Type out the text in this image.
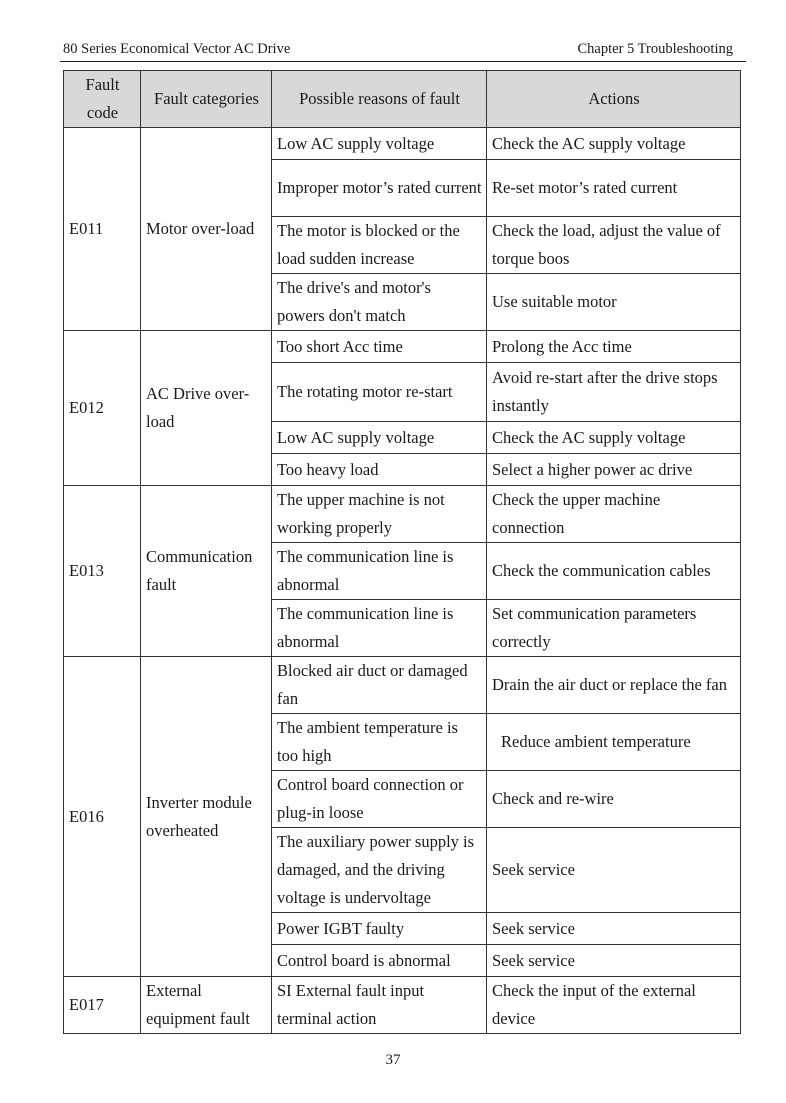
80 Series Economical Vector AC Drive	Chapter 5 Troubleshooting
Fault code	Fault categories	Possible reasons of fault	Actions
E011	Motor over-load	Low AC supply voltage	Check the AC supply voltage
		Improper motor’s rated current	Re-set motor’s rated current
		The motor is blocked or the load sudden increase	Check the load, adjust the value of torque boos
		The drive's and motor's powers don't match	Use suitable motor
E012	AC Drive over-load	Too short Acc time	Prolong the Acc time
		The rotating motor re-start	Avoid re-start after the drive stops instantly
		Low AC supply voltage	Check the AC supply voltage
		Too heavy load	Select a higher power ac drive
E013	Communication fault	The upper machine is not working properly	Check the upper machine connection
		The communication line is abnormal	Check the communication cables
		The communication line is abnormal	Set communication parameters correctly
E016	Inverter module overheated	Blocked air duct or damaged fan	Drain the air duct or replace the fan
		The ambient temperature is too high	Reduce ambient temperature
		Control board connection or plug-in loose	Check and re-wire
		The auxiliary power supply is damaged, and the driving voltage is undervoltage	Seek service
		Power IGBT faulty	Seek service
		Control board is abnormal	Seek service
E017	External equipment fault	SI External fault input terminal action	Check the input of the external device
37
